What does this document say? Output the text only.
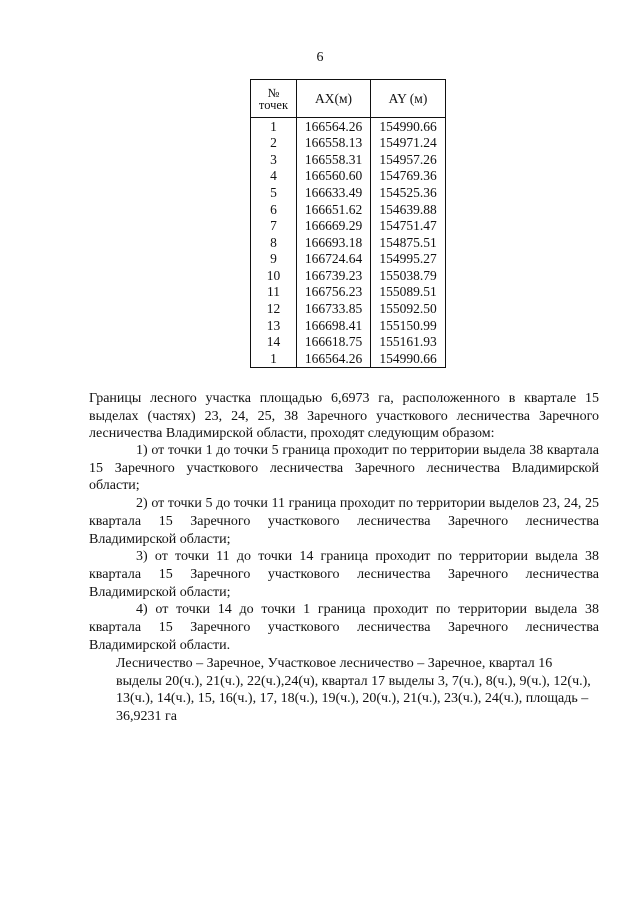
6
№
точек	AX(м)	AY (м)
1	166564.26	154990.66
2	166558.13	154971.24
3	166558.31	154957.26
4	166560.60	154769.36
5	166633.49	154525.36
6	166651.62	154639.88
7	166669.29	154751.47
8	166693.18	154875.51
9	166724.64	154995.27
10	166739.23	155038.79
11	166756.23	155089.51
12	166733.85	155092.50
13	166698.41	155150.99
14	166618.75	155161.93
1	166564.26	154990.66
Границы лесного участка площадью 6,6973 га, расположенного в квартале 15 выделах (частях) 23, 24, 25, 38 Заречного участкового лесничества Заречного лесничества Владимирской области, проходят следующим образом:

1) от точки 1 до точки 5 граница проходит по территории выдела 38 квартала 15 Заречного участкового лесничества Заречного лесничества Владимирской области;

2) от точки 5 до точки 11 граница проходит по территории выделов 23, 24, 25 квартала 15 Заречного участкового лесничества Заречного лесничества Владимирской области;

3) от точки 11 до точки 14 граница проходит по территории выдела 38 квартала 15 Заречного участкового лесничества Заречного лесничества Владимирской области;

4) от точки 14 до точки 1 граница проходит по территории выдела 38 квартала 15 Заречного участкового лесничества Заречного лесничества Владимирской области.

Лесничество – Заречное, Участковое лесничество – Заречное, квартал 16 выделы 20(ч.), 21(ч.), 22(ч.),24(ч), квартал 17 выделы 3, 7(ч.), 8(ч.), 9(ч.), 12(ч.), 13(ч.), 14(ч.), 15, 16(ч.), 17, 18(ч.), 19(ч.), 20(ч.), 21(ч.), 23(ч.), 24(ч.), площадь – 36,9231 га
